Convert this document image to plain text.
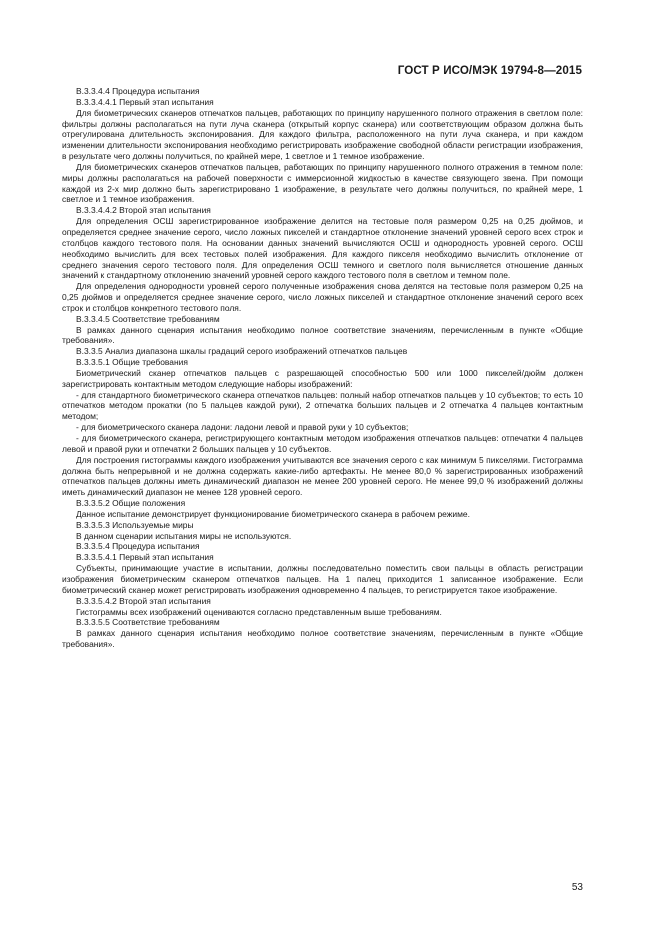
ГОСТ Р ИСО/МЭК 19794-8—2015

В.3.3.4.4 Процедура испытания

В.3.3.4.4.1 Первый этап испытания

Для биометрических сканеров отпечатков пальцев, работающих по принципу нарушенного полного отражения в светлом поле: фильтры должны располагаться на пути луча сканера (открытый корпус сканера) или соответствующим образом должна быть отрегулирована длительность экспонирования. Для каждого фильтра, расположенного на пути луча сканера, и при каждом изменении длительности экспонирования необходимо регистрировать изображение свободной области регистрации изображения, в результате чего должны получиться, по крайней мере, 1 светлое и 1 темное изображение.

Для биометрических сканеров отпечатков пальцев, работающих по принципу нарушенного полного отражения в темном поле: миры должны располагаться на рабочей поверхности с иммерсионной жидкостью в качестве связующего звена. При помощи каждой из 2-х мир должно быть зарегистрировано 1 изображение, в результате чего должны получиться, по крайней мере, 1 светлое и 1 темное изображения.

В.3.3.4.4.2 Второй этап испытания

Для определения ОСШ зарегистрированное изображение делится на тестовые поля размером 0,25 на 0,25 дюймов, и определяется среднее значение серого, число ложных пикселей и стандартное отклонение значений уровней серого всех строк и столбцов каждого тестового поля. На основании данных значений вычисляются ОСШ и однородность уровней серого. ОСШ необходимо вычислить для всех тестовых полей изображения. Для каждого пикселя необходимо вычислить отклонение от среднего значения серого тестового поля. Для определения ОСШ темного и светлого поля вычисляется отношение данных значений к стандартному отклонению значений уровней серого каждого тестового поля в светлом и темном поле.

Для определения однородности уровней серого полученные изображения снова делятся на тестовые поля размером 0,25 на 0,25 дюймов и определяется среднее значение серого, число ложных пикселей и стандартное отклонение значений серого всех строк и столбцов конкретного тестового поля.

В.3.3.4.5 Соответствие требованиям

В рамках данного сценария испытания необходимо полное соответствие значениям, перечисленным в пункте «Общие требования».

В.3.3.5 Анализ диапазона шкалы градаций серого изображений отпечатков пальцев

В.3.3.5.1 Общие требования

Биометрический сканер отпечатков пальцев с разрешающей способностью 500 или 1000 пикселей/дюйм должен зарегистрировать контактным методом следующие наборы изображений:

- для стандартного биометрического сканера отпечатков пальцев: полный набор отпечатков пальцев у 10 субъектов; то есть 10 отпечатков методом прокатки (по 5 пальцев каждой руки), 2 отпечатка больших пальцев и 2 отпечатка 4 пальцев контактным методом;

- для биометрического сканера ладони: ладони левой и правой руки у 10 субъектов;

- для биометрического сканера, регистрирующего контактным методом изображения отпечатков пальцев: отпечатки 4 пальцев левой и правой руки и отпечатки 2 больших пальцев у 10 субъектов.

Для построения гистограммы каждого изображения учитываются все значения серого с как минимум 5 пикселями. Гистограмма должна быть непрерывной и не должна содержать какие-либо артефакты. Не менее 80,0 % зарегистрированных изображений отпечатков пальцев должны иметь динамический диапазон не менее 200 уровней серого. Не менее 99,0 % изображений должны иметь динамический диапазон не менее 128 уровней серого.

В.3.3.5.2 Общие положения

Данное испытание демонстрирует функционирование биометрического сканера в рабочем режиме.

В.3.3.5.3 Используемые миры

В данном сценарии испытания миры не используются.

В.3.3.5.4 Процедура испытания

В.3.3.5.4.1 Первый этап испытания

Субъекты, принимающие участие в испытании, должны последовательно поместить свои пальцы в область регистрации изображения биометрическим сканером отпечатков пальцев. На 1 палец приходится 1 записанное изображение. Если биометрический сканер может регистрировать изображения одновременно 4 пальцев, то регистрируется такое изображение.

В.3.3.5.4.2 Второй этап испытания

Гистограммы всех изображений оцениваются согласно представленным выше требованиям.

В.3.3.5.5 Соответствие требованиям

В рамках данного сценария испытания необходимо полное соответствие значениям, перечисленным в пункте «Общие требования».

53
